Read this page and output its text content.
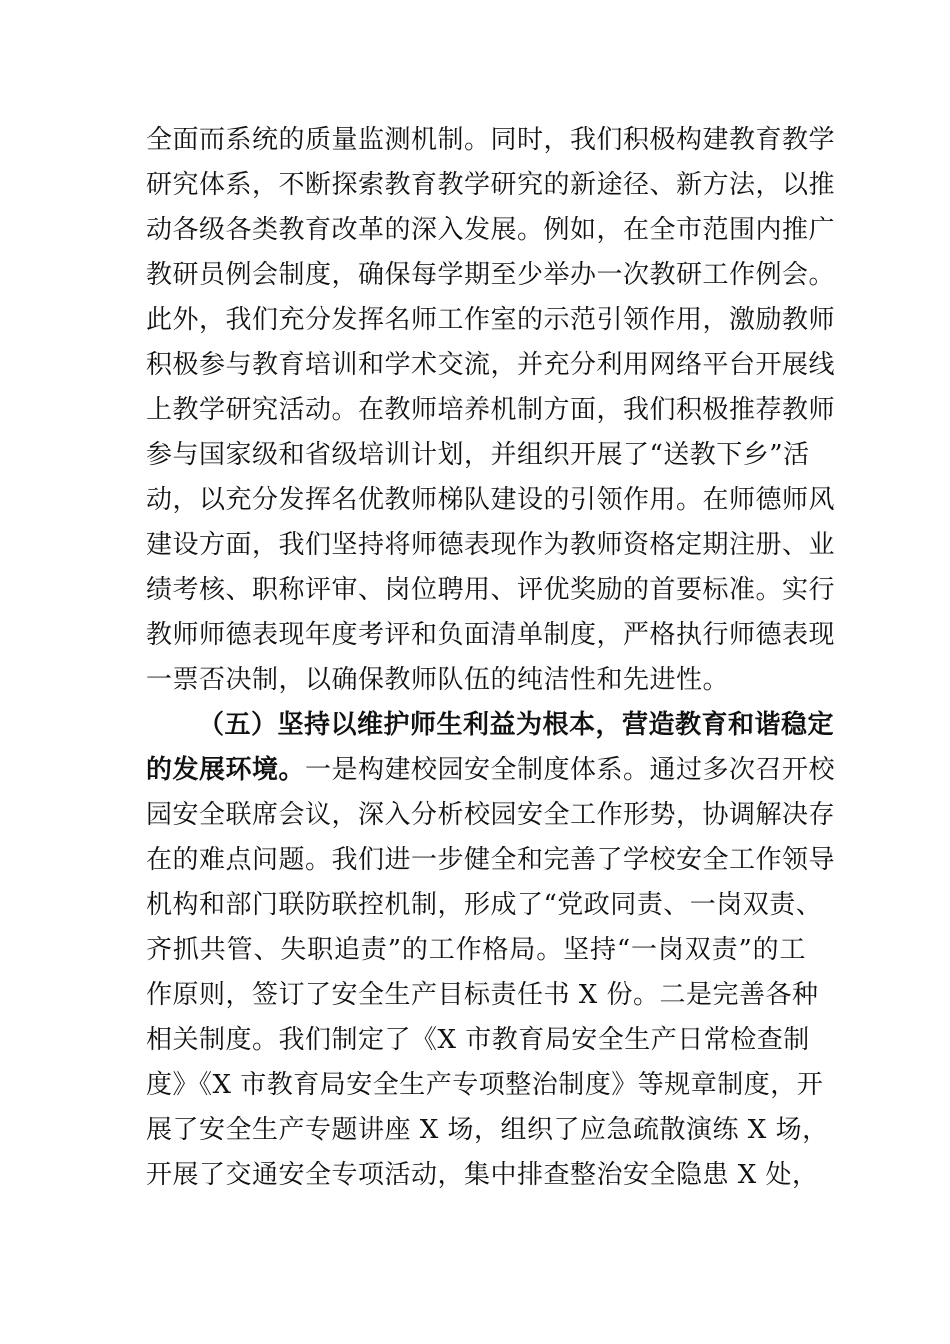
全面而系统的质量监测机制。同时，我们积极构建教育教学
研究体系，不断探索教育教学研究的新途径、新方法，以推
动各级各类教育改革的深入发展。例如，在全市范围内推广
教研员例会制度，确保每学期至少举办一次教研工作例会。
此外，我们充分发挥名师工作室的示范引领作用，激励教师
积极参与教育培训和学术交流，并充分利用网络平台开展线
上教学研究活动。在教师培养机制方面，我们积极推荐教师
参与国家级和省级培训计划，并组织开展了“送教下乡”活
动，以充分发挥名优教师梯队建设的引领作用。在师德师风
建设方面，我们坚持将师德表现作为教师资格定期注册、业
绩考核、职称评审、岗位聘用、评优奖励的首要标准。实行
教师师德表现年度考评和负面清单制度，严格执行师德表现
一票否决制，以确保教师队伍的纯洁性和先进性。
（五）坚持以维护师生利益为根本，营造教育和谐稳定
的发展环境。一是构建校园安全制度体系。通过多次召开校
园安全联席会议，深入分析校园安全工作形势，协调解决存
在的难点问题。我们进一步健全和完善了学校安全工作领导
机构和部门联防联控机制，形成了“党政同责、一岗双责、
齐抓共管、失职追责”的工作格局。坚持“一岗双责”的工
作原则，签订了安全生产目标责任书 X 份。二是完善各种
相关制度。我们制定了《X 市教育局安全生产日常检查制
度》《X 市教育局安全生产专项整治制度》等规章制度，开
展了安全生产专题讲座 X 场，组织了应急疏散演练 X 场，
开展了交通安全专项活动，集中排查整治安全隐患 X 处，
